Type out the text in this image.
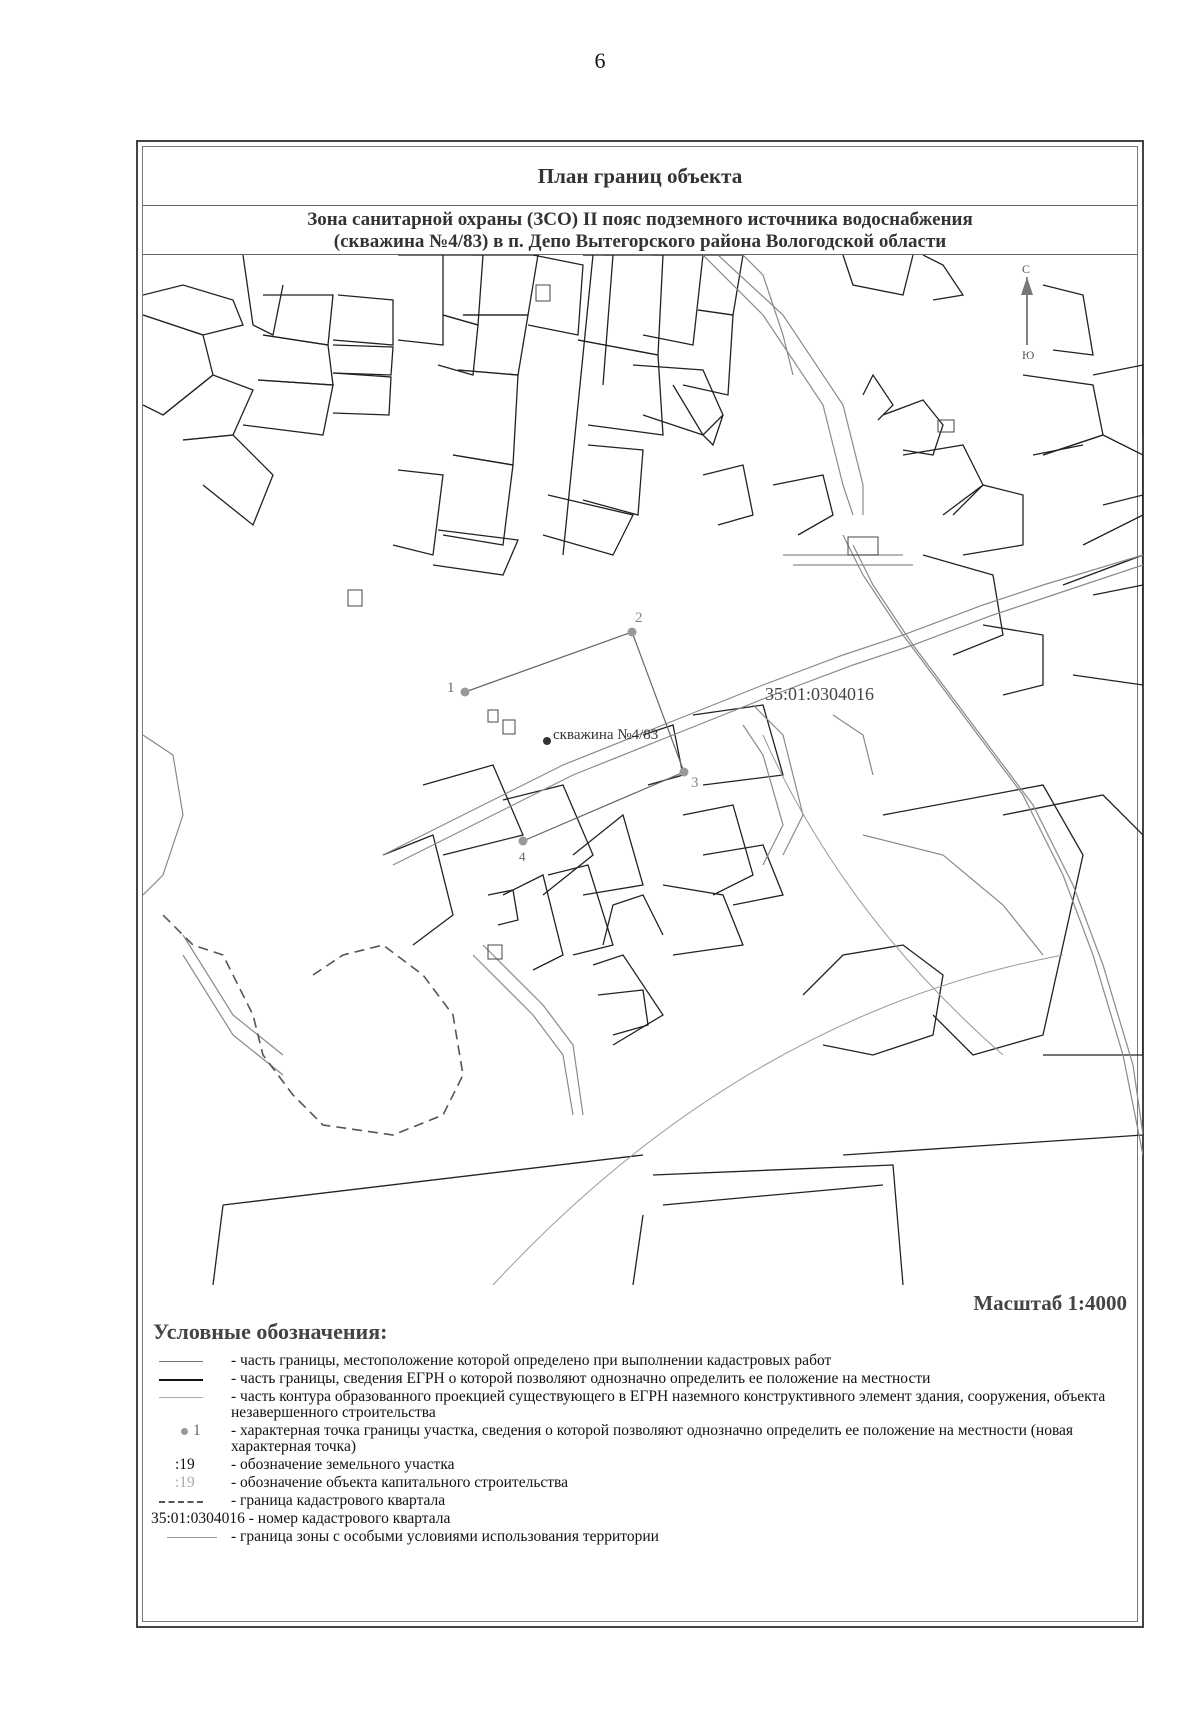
6
План границ объекта
Зона санитарной охраны (ЗСО) II пояс подземного источника водоснабжения
(скважина №4/83) в п. Депо Вытегорского района Вологодской области
1
2
3
4
скважина №4/83
35:01:0304016
С
Ю
Масштаб 1:4000
Условные обозначения:
- часть границы, местоположение которой определено при выполнении кадастровых работ
- часть границы, сведения ЕГРН о которой позволяют однозначно определить ее положение на местности
- часть контура образованного проекцией существующего в ЕГРН наземного конструктивного элемент здания, сооружения, объекта незавершенного строительства
1 - характерная точка границы участка, сведения о которой позволяют однозначно определить ее положение на местности (новая характерная точка)
:19 - обозначение земельного участка
:19 - обозначение объекта капитального строительства
- граница кадастрового квартала
35:01:0304016 - номер кадастрового квартала
- граница зоны с особыми условиями использования территории
